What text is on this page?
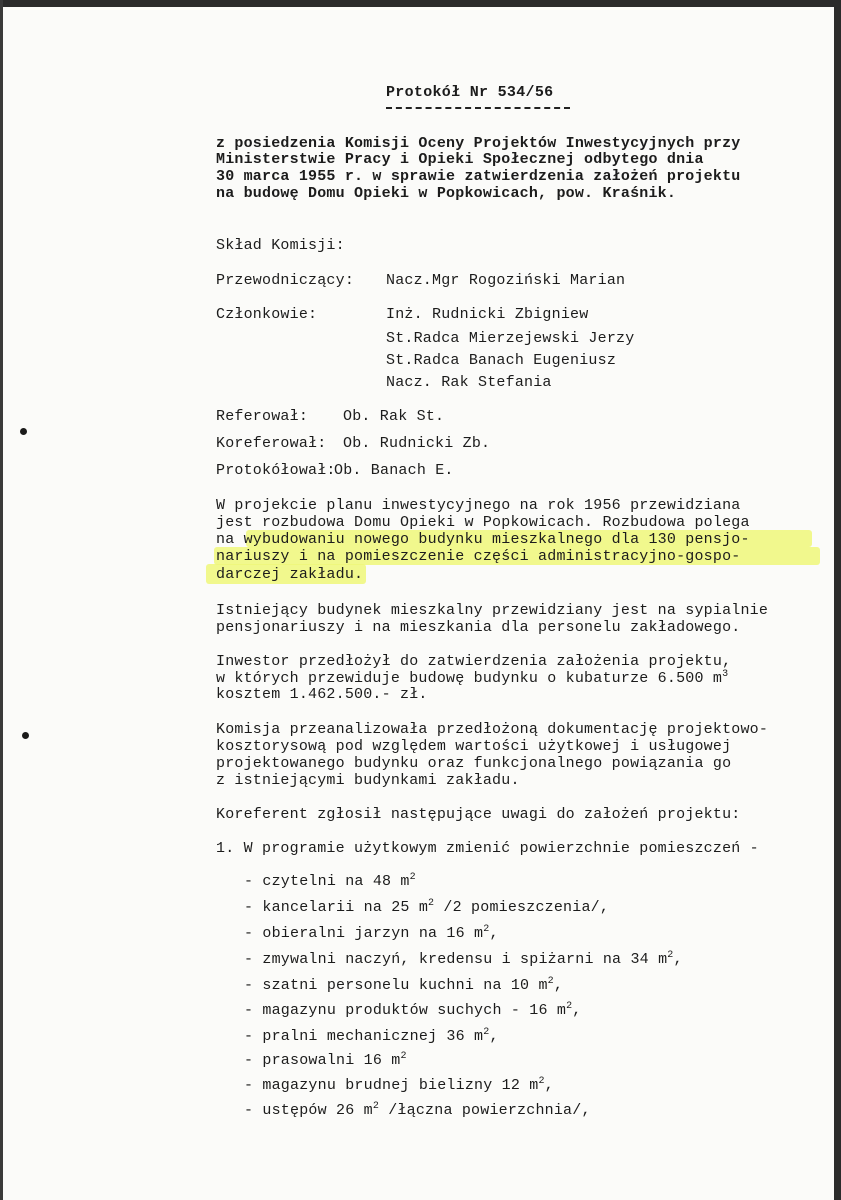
Protokół Nr 534/56
z posiedzenia Komisji Oceny Projektów Inwestycyjnych przy
Ministerstwie Pracy i Opieki Społecznej odbytego dnia
30 marca 1955 r. w sprawie zatwierdzenia założeń projektu
na budowę Domu Opieki w Popkowicach, pow. Kraśnik.
Skład Komisji:
Przewodniczący: Nacz.Mgr Rogoziński Marian
Członkowie:	Inż. Rudnicki Zbigniew
St.Radca Mierzejewski Jerzy
St.Radca Banach Eugeniusz
Nacz. Rak Stefania
Referował: Ob. Rak St.
Koreferował: Ob. Rudnicki Zb.
Protokółował:
Ob. Banach E.
W projekcie planu inwestycyjnego na rok 1956 przewidziana
jest rozbudowa Domu Opieki w Popkowicach. Rozbudowa polega
na wybudowaniu nowego budynku mieszkalnego dla 130 pensjo-
nariuszy i na pomieszczenie części administracyjno-gospo-
darczej zakładu.
Istniejący budynek mieszkalny przewidziany jest na sypialnie
pensjonariuszy i na mieszkania dla personelu zakładowego.
Inwestor przedłożył do zatwierdzenia założenia projektu,
w których przewiduje budowę budynku o kubaturze 6.500 $m^3$
kosztem 1.462.500.- zł.
Komisja przeanalizowała przedłożoną dokumentację projektowo-
kosztorysową pod względem wartości użytkowej i usługowej
projektowanego budynku oraz funkcjonalnego powiązania go
z istniejącymi budynkami zakładu.
Koreferent zgłosił następujące uwagi do założeń projektu:
1. W programie użytkowym zmienić powierzchnie pomieszczeń -
- czytelni na 48 $m^2$
- kancelarii na 25 $m^2$ /2 pomieszczenia/,
- obieralni jarzyn na 16 $m^2$,
- zmywalni naczyń, kredensu i spiżarni na 34 $m^2$,
- szatni personelu kuchni na 10 $m^2$,
- magazynu produktów suchych - 16 $m^2$,
- pralni mechanicznej 36 $m^2$,
- prasowalni 16 $m^2$
- magazynu brudnej bielizny 12 $m^2$,
- ustępów 26 $m^2$ /łączna powierzchnia/,
